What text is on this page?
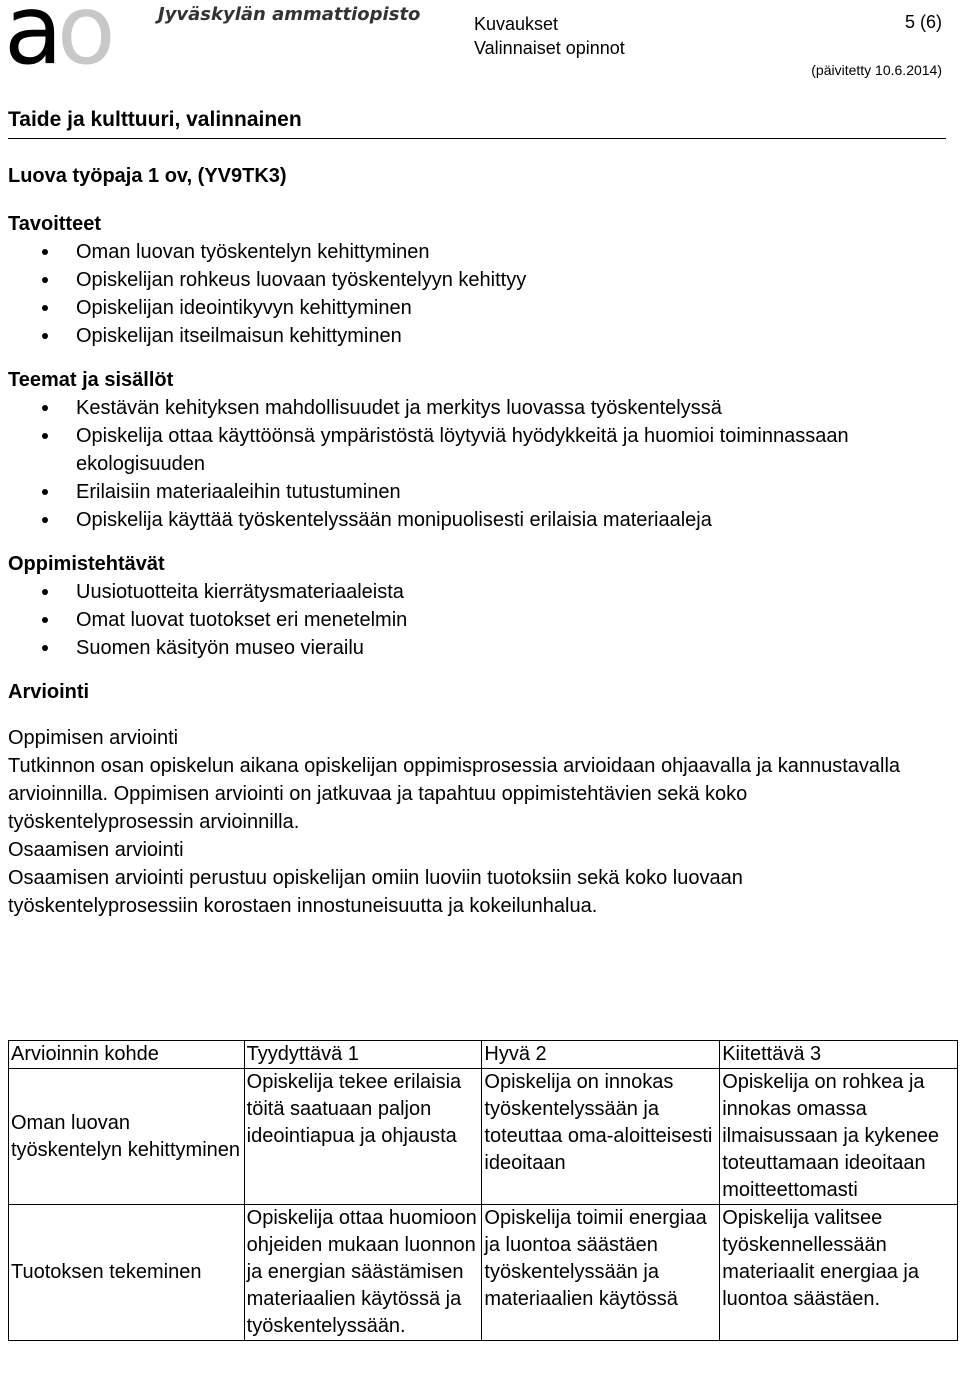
ao	Jyväskylän ammattiopisto	Kuvaukset
Valinnaiset opinnot
5 (6)
(päivitetty 10.6.2014)
Taide ja kulttuuri, valinnainen

Luova työpaja 1 ov, (YV9TK3)

Tavoitteet

Oman luovan työskentelyn kehittyminen
Opiskelijan rohkeus luovaan työskentelyyn kehittyy
Opiskelijan ideointikyvyn kehittyminen
Opiskelijan itseilmaisun kehittyminen

Teemat ja sisällöt

Kestävän kehityksen mahdollisuudet ja merkitys luovassa työskentelyssä
Opiskelija ottaa käyttöönsä ympäristöstä löytyviä hyödykkeitä ja huomioi toiminnassaan ekologisuuden
Erilaisiin materiaaleihin tutustuminen
Opiskelija käyttää työskentelyssään monipuolisesti erilaisia materiaaleja

Oppimistehtävät

Uusiotuotteita kierrätysmateriaaleista
Omat luovat tuotokset eri menetelmin
Suomen käsityön museo vierailu

Arviointi

Oppimisen arviointi

Tutkinnon osan opiskelun aikana opiskelijan oppimisprosessia arvioidaan ohjaavalla ja kannustavalla arvioinnilla. Oppimisen arviointi on jatkuvaa ja tapahtuu oppimistehtävien sekä koko työskentelyprosessin arvioinnilla.

Osaamisen arviointi

Osaamisen arviointi perustuu opiskelijan omiin luoviin tuotoksiin sekä koko luovaan työskentelyprosessiin korostaen innostuneisuutta ja kokeilunhalua.

Arvioinnin kohde	Tyydyttävä 1	Hyvä 2	Kiitettävä 3
Oman luovan työskentelyn kehittyminen	Opiskelija tekee erilaisia töitä saatuaan paljon ideointiapua ja ohjausta	Opiskelija on innokas työskentelyssään ja toteuttaa oma-aloitteisesti ideoitaan	Opiskelija on rohkea ja innokas omassa ilmaisussaan ja kykenee toteuttamaan ideoitaan moitteettomasti
Tuotoksen tekeminen	Opiskelija ottaa huomioon ohjeiden mukaan luonnon ja energian säästämisen materiaalien käytössä ja työskentelyssään.	Opiskelija toimii energiaa ja luontoa säästäen työskentelyssään ja materiaalien käytössä	Opiskelija valitsee työskennellessään materiaalit energiaa ja luontoa säästäen.
